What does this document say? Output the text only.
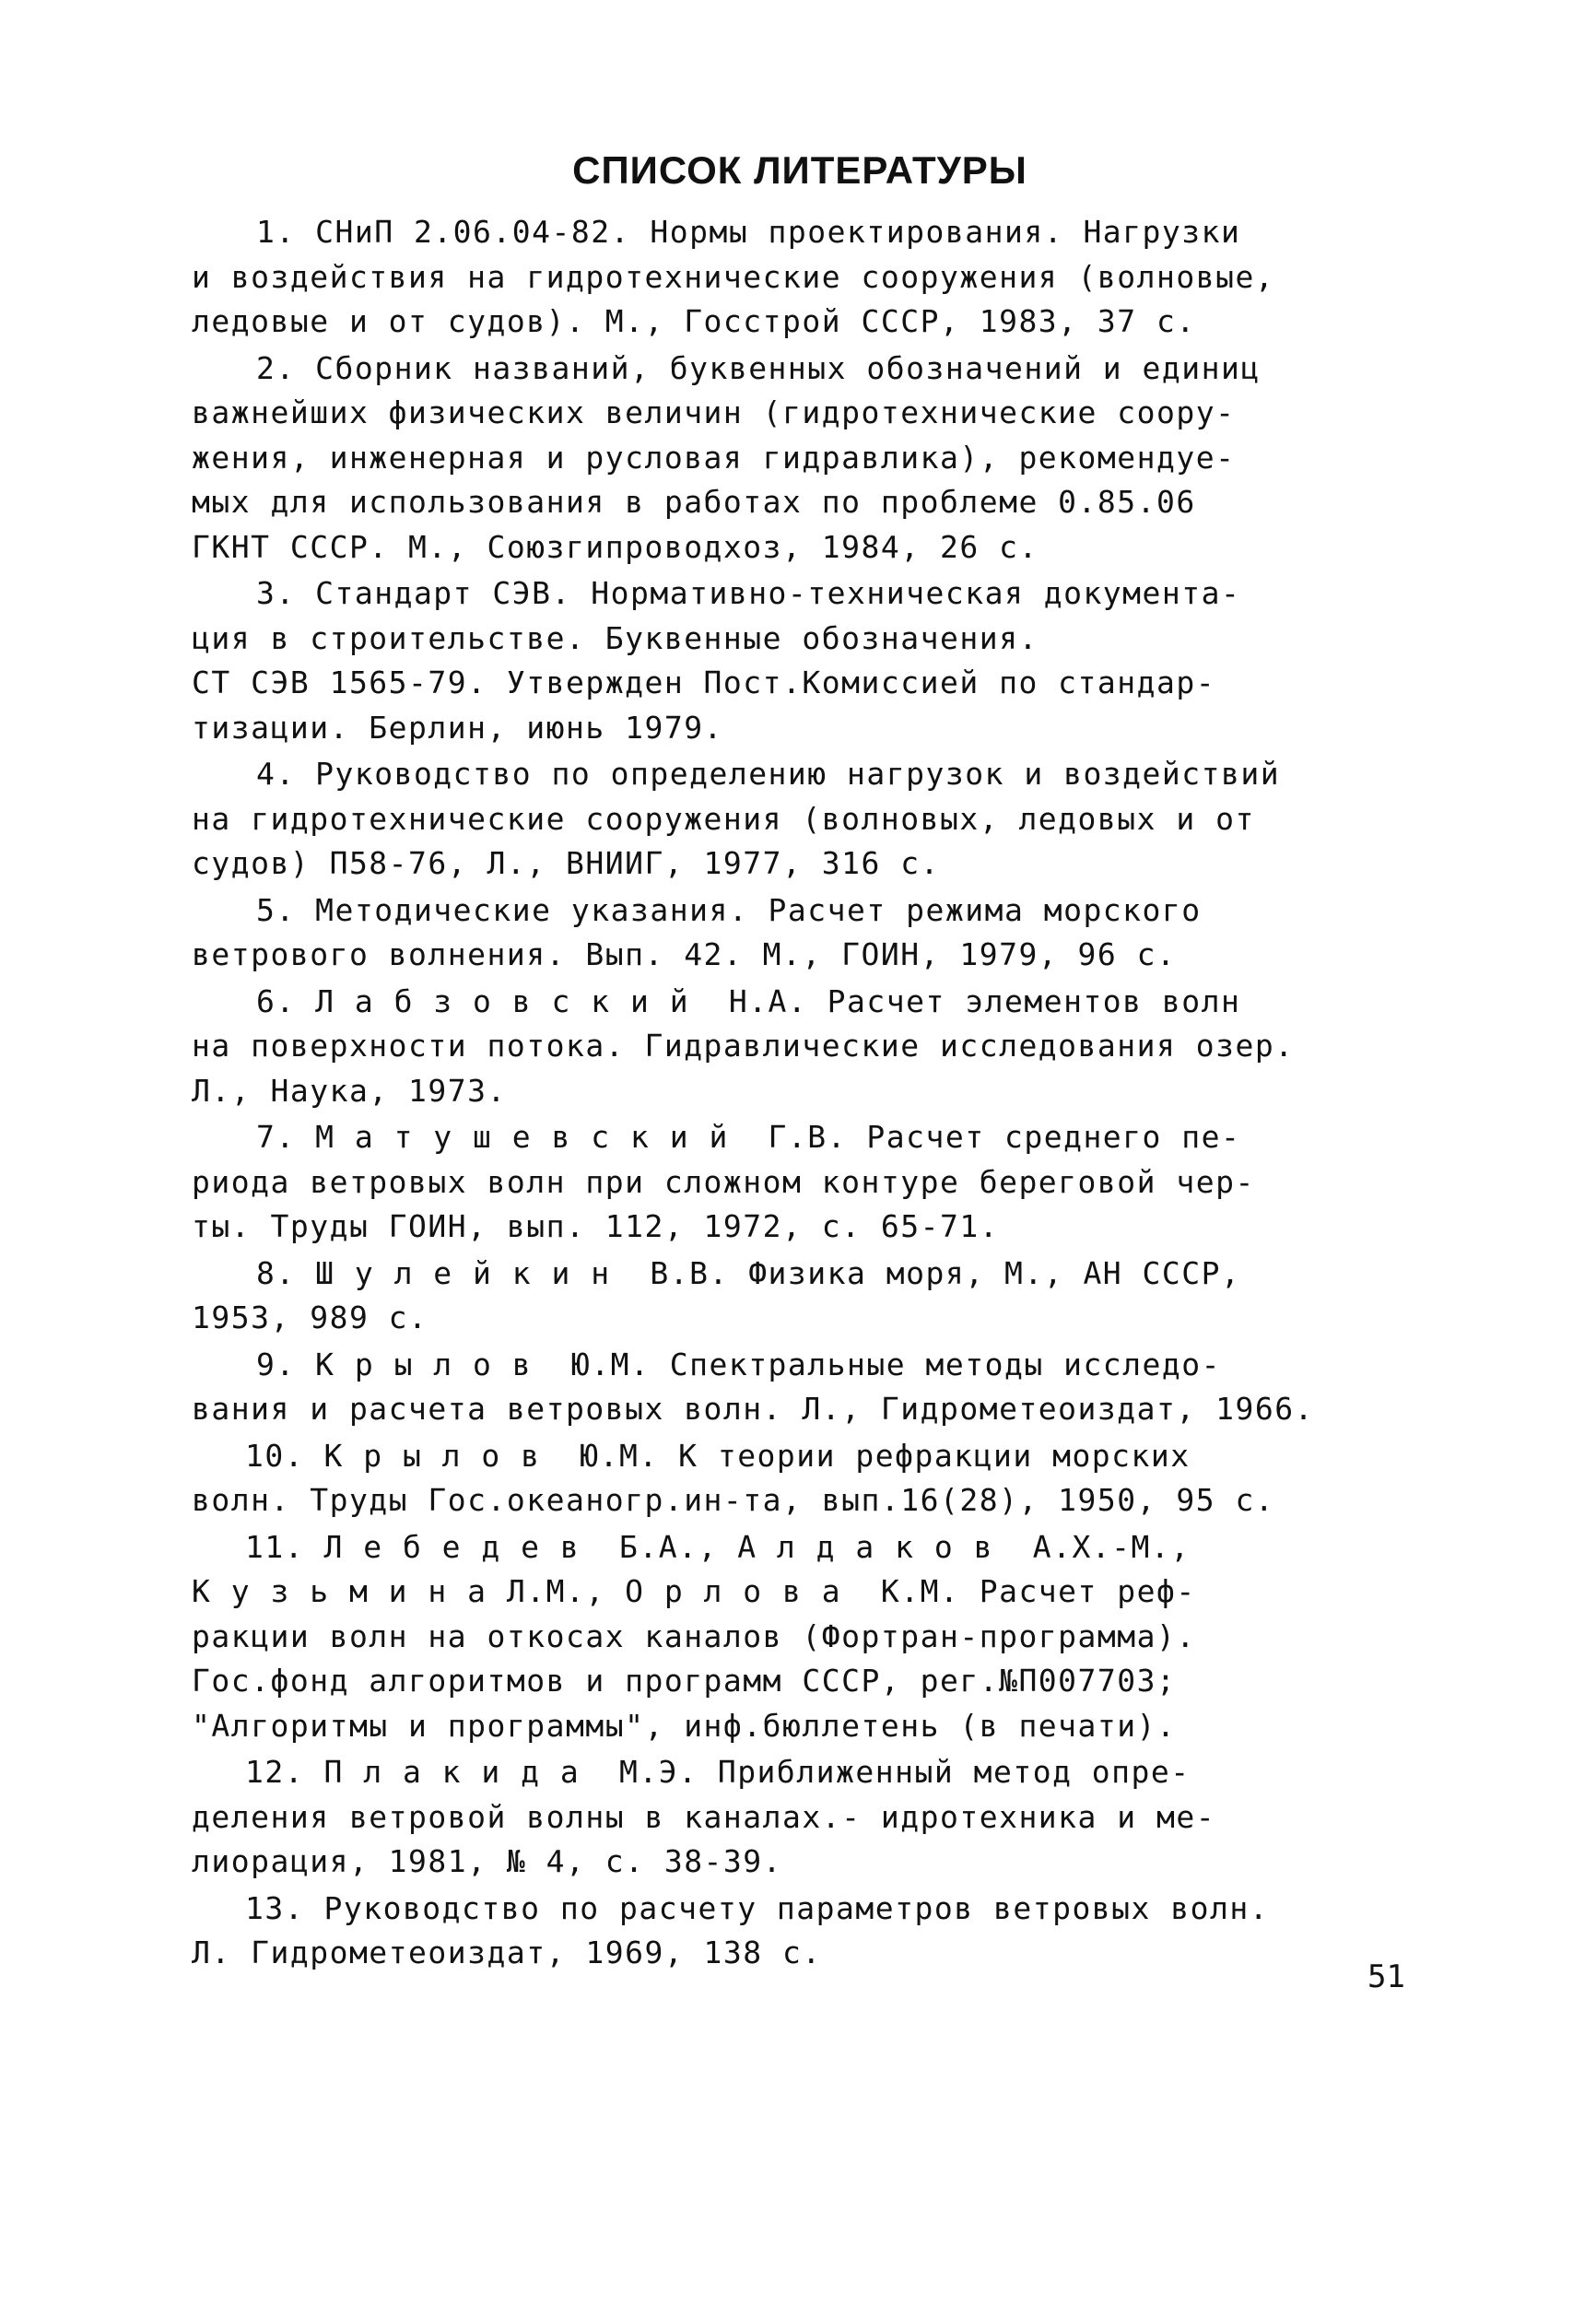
СПИСОК ЛИТЕРАТУРЫ
1. СНиП 2.06.04-82. Нормы проектирования. Нагрузки
и воздействия на гидротехнические сооружения (волновые,
ледовые и от судов). М., Госстрой СССР, 1983, 37 с.
2. Сборник названий, буквенных обозначений и единиц
важнейших физических величин (гидротехнические соору-
жения, инженерная и русловая гидравлика), рекомендуе-
мых для использования в работах по проблеме 0.85.06
ГКНТ СССР. М., Союзгипроводхоз, 1984, 26 с.
3. Стандарт СЭВ. Нормативно-техническая документа-
ция в строительстве. Буквенные обозначения.
СТ СЭВ 1565-79. Утвержден Пост.Комиссией по стандар-
тизации. Берлин, июнь 1979.
4. Руководство по определению нагрузок и воздействий
на гидротехнические сооружения (волновых, ледовых и от
судов) П58-76, Л., ВНИИГ, 1977, 316 с.
5. Методические указания. Расчет режима морского
ветрового волнения. Вып. 42. М., ГОИН, 1979, 96 с.
6. Л а б з о в с к и й  Н.А. Расчет элементов волн
на поверхности потока. Гидравлические исследования озер.
Л., Наука, 1973.
7. М а т у ш е в с к и й  Г.В. Расчет среднего пе-
риода ветровых волн при сложном контуре береговой чер-
ты. Труды ГОИН, вып. 112, 1972, с. 65-71.
8. Ш у л е й к и н  В.В. Физика моря, М., АН СССР,
1953, 989 с.
9. К р ы л о в  Ю.М. Спектральные методы исследо-
вания и расчета ветровых волн. Л., Гидрометеоиздат, 1966.
10. К р ы л о в  Ю.М. К теории рефракции морских
волн. Труды Гос.океаногр.ин-та, вып.16(28), 1950, 95 с.
11. Л е б е д е в  Б.А., А л д а к о в  А.Х.-М.,
К у з ь м и н а Л.М., О р л о в а  К.М. Расчет реф-
ракции волн на откосах каналов (Фортран-программа).
Гос.фонд алгоритмов и программ СССР, рег.№П007703;
"Алгоритмы и программы", инф.бюллетень (в печати).
12. П л а к и д а  М.Э. Приближенный метод опре-
деления ветровой волны в каналах.- идротехника и ме-
лиорация, 1981, № 4, с. 38-39.
13. Руководство по расчету параметров ветровых волн.
Л. Гидрометеоиздат, 1969, 138 с.
51
